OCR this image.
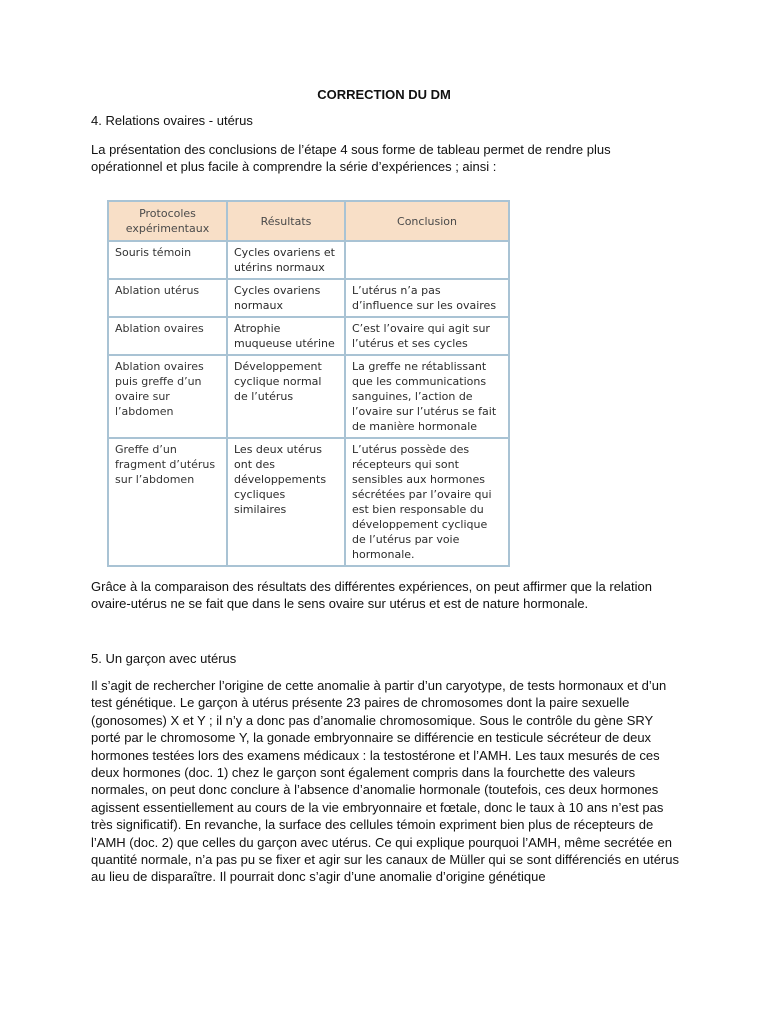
CORRECTION DU DM

4. Relations ovaires - utérus

La présentation des conclusions de l’étape 4 sous forme de tableau permet de rendre plus opérationnel et plus facile à comprendre la série d’expériences ; ainsi :

Protocoles expérimentaux	Résultats	Conclusion
Souris témoin	Cycles ovariens et utérins normaux	
Ablation utérus	Cycles ovariens normaux	L’utérus n’a pas d’influence sur les ovaires
Ablation ovaires	Atrophie muqueuse utérine	C’est l’ovaire qui agit sur l’utérus et ses cycles
Ablation ovaires puis greffe d’un ovaire sur l’abdomen	Développement cyclique normal de l’utérus	La greffe ne rétablissant que les communications sanguines, l’action de l’ovaire sur l’utérus se fait de manière hormonale
Greffe d’un fragment d’utérus sur l’abdomen	Les deux utérus ont des développements cycliques similaires	L’utérus possède des récepteurs qui sont sensibles aux hormones sécrétées par l’ovaire qui est bien responsable du développement cyclique de l’utérus par voie hormonale.

Grâce à la comparaison des résultats des différentes expériences, on peut affirmer que la relation ovaire-utérus ne se fait que dans le sens ovaire sur utérus et est de nature hormonale.

5. Un garçon avec utérus

Il s’agit de rechercher l’origine de cette anomalie à partir d’un caryotype, de tests hormonaux et d’un test génétique. Le garçon à utérus présente 23 paires de chromosomes dont la paire sexuelle (gonosomes) X et Y ; il n’y a donc pas d’anomalie chromosomique. Sous le contrôle du gène SRY porté par le chromosome Y, la gonade embryonnaire se différencie en testicule sécréteur de deux hormones testées lors des examens médicaux : la testostérone et l’AMH. Les taux mesurés de ces deux hormones (doc. 1) chez le garçon sont également compris dans la fourchette des valeurs normales, on peut donc conclure à l’absence d’anomalie hormonale (toutefois, ces deux hormones agissent essentiellement au cours de la vie embryonnaire et fœtale, donc le taux à 10 ans n’est pas très significatif). En revanche, la surface des cellules témoin expriment bien plus de récepteurs de l’AMH (doc. 2) que celles du garçon avec utérus. Ce qui explique pourquoi l’AMH, même secrétée en quantité normale, n’a pas pu se fixer et agir sur les canaux de Müller qui se sont différenciés en utérus au lieu de disparaître. Il pourrait donc s’agir d’une anomalie d’origine génétique
